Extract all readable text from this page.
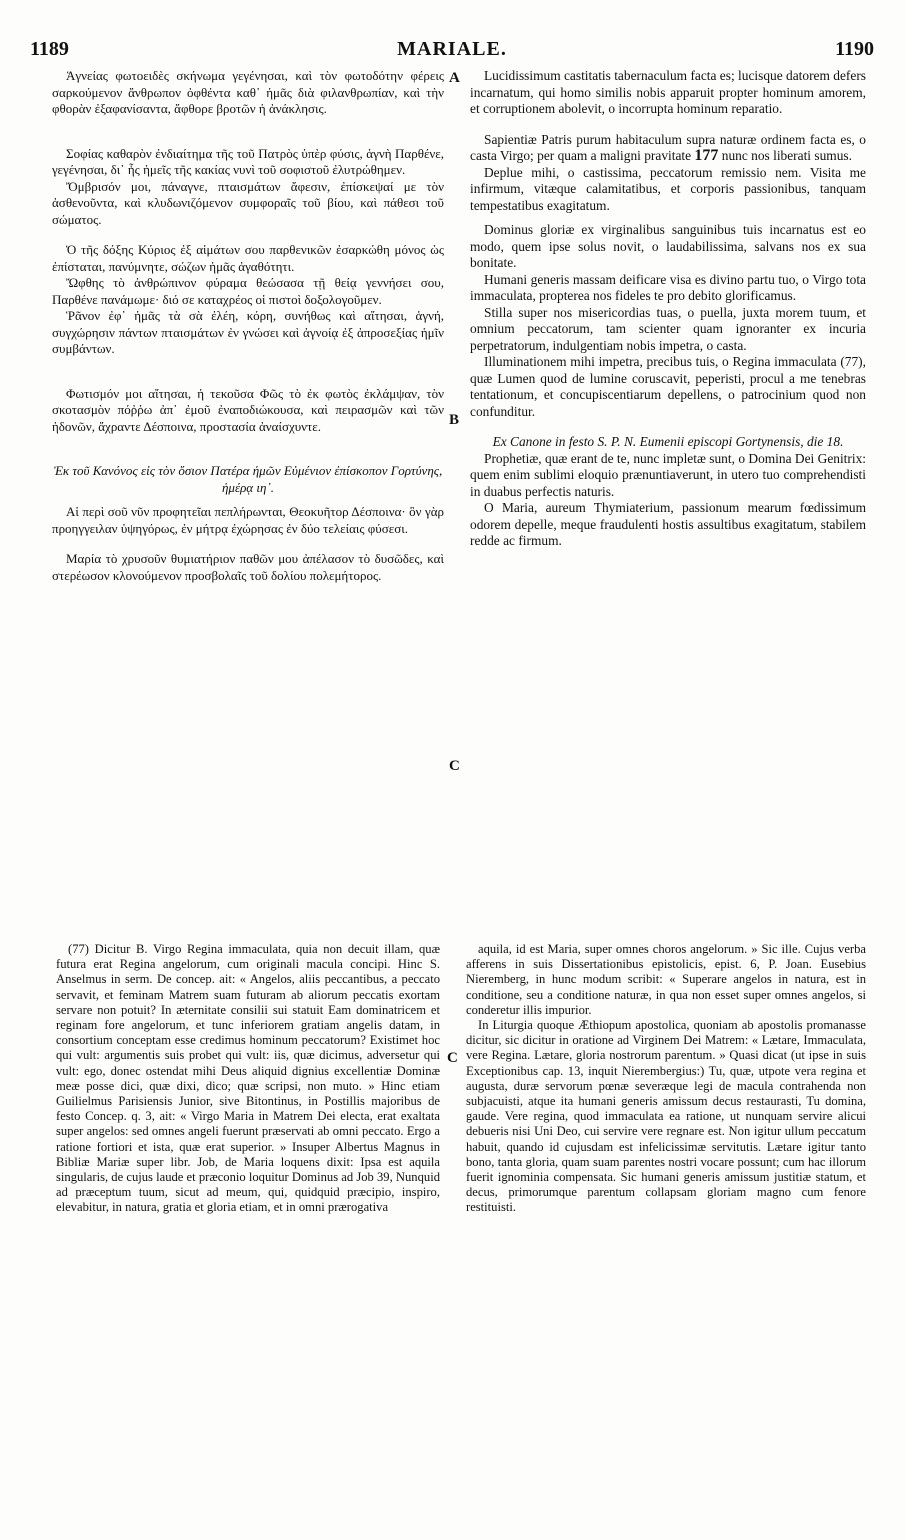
1189	MARIALE.	1190

Ἁγνείας φωτοειδὲς σκήνωμα γεγένησαι, καὶ τὸν φωτοδότην φέρεις σαρκούμενον ἄνθρωπον ὀφθέντα καθ᾽ ἡμᾶς διὰ φιλανθρωπίαν, καὶ τὴν φθορὰν ἐξαφανίσαντα, ἄφθορε βροτῶν ἡ ἀνάκλησις.

Σοφίας καθαρὸν ἐνδιαίτημα τῆς τοῦ Πατρὸς ὑπὲρ φύσις, ἁγνὴ Παρθένε, γεγένησαι, δι᾽ ἧς ἡμεῖς τῆς κακίας νυνὶ τοῦ σοφιστοῦ ἐλυτρώθημεν.

Ὄμβρισόν μοι, πάναγνε, πταισμάτων ἄφεσιν, ἐπίσκεψαί με τὸν ἀσθενοῦντα, καὶ κλυδωνιζόμενον συμφοραῖς τοῦ βίου, καὶ πάθεσι τοῦ σώματος.

Ὁ τῆς δόξης Κύριος ἐξ αἱμάτων σου παρθενικῶν ἐσαρκώθη μόνος ὡς ἐπίσταται, πανύμνητε, σώζων ἡμᾶς ἀγαθότητι.

Ὤφθης τὸ ἀνθρώπινον φύραμα θεώσασα τῇ θείᾳ γεννήσει σου, Παρθένε πανάμωμε· διό σε καταχρέος οἱ πιστοὶ δοξολογοῦμεν.

Ῥᾶνον ἐφ᾽ ἡμᾶς τὰ σὰ ἐλέη, κόρη, συνήθως καὶ αἴτησαι, ἁγνή, συγχώρησιν πάντων πταισμάτων ἐν γνώσει καὶ ἀγνοίᾳ ἐξ ἀπροσεξίας ἡμῖν συμβάντων.

Φωτισμόν μοι αἴτησαι, ἡ τεκοῦσα Φῶς τὸ ἐκ φωτὸς ἐκλάμψαν, τὸν σκοτασμὸν πόῤῥω ἀπ᾽ ἐμοῦ ἐναποδιώκουσα, καὶ πειρασμῶν καὶ τῶν ἡδονῶν, ἄχραντε Δέσποινα, προστασία ἀναίσχυντε.

Ἐκ τοῦ Κανόνος εἰς τὸν ὅσιον Πατέρα ἡμῶν Εὐμένιον ἐπίσκοπον Γορτύνης, ἡμέρᾳ ιη᾽.

Αἱ περὶ σοῦ νῦν προφητεῖαι πεπλήρωνται, Θεοκυῆτορ Δέσποινα· ὃν γὰρ προηγγειλαν ὑψηγόρως, ἐν μήτρᾳ ἐχώρησας ἐν δύο τελείαις φύσεσι.

Μαρία τὸ χρυσοῦν θυμιατήριον παθῶν μου ἀπέλασον τὸ δυσῶδες, καὶ στερέωσον κλονούμενον προσβολαῖς τοῦ δολίου πολεμήτορος.

A
B
C
C

Lucidissimum castitatis tabernaculum facta es; lucisque datorem defers incarnatum, qui homo similis nobis apparuit propter hominum amorem, et corruptionem abolevit, o incorrupta hominum reparatio.

Sapientiæ Patris purum habitaculum supra naturæ ordinem facta es, o casta Virgo; per quam a maligni pravitate 177 nunc nos liberati sumus.

Deplue mihi, o castissima, peccatorum remissio nem. Visita me infirmum, vitæque calamitatibus, et corporis passionibus, tanquam tempestatibus exagitatum.

Dominus gloriæ ex virginalibus sanguinibus tuis incarnatus est eo modo, quem ipse solus novit, o laudabilissima, salvans nos ex sua bonitate.

Humani generis massam deificare visa es divino partu tuo, o Virgo tota immaculata, propterea nos fideles te pro debito glorificamus.

Stilla super nos misericordias tuas, o puella, juxta morem tuum, et omnium peccatorum, tam scienter quam ignoranter ex incuria perpetratorum, indulgentiam nobis impetra, o casta.

Illuminationem mihi impetra, precibus tuis, o Regina immaculata (77), quæ Lumen quod de lumine coruscavit, peperisti, procul a me tenebras tentationum, et concupiscentiarum depellens, o patrocinium quod non confunditur.

Ex Canone in festo S. P. N. Eumenii episcopi Gortynensis, die 18.

Prophetiæ, quæ erant de te, nunc impletæ sunt, o Domina Dei Genitrix: quem enim sublimi eloquio prænuntiaverunt, in utero tuo comprehendisti in duabus perfectis naturis.

O Maria, aureum Thymiaterium, passionum mearum fœdissimum odorem depelle, meque fraudulenti hostis assultibus exagitatum, stabilem redde ac firmum.

(77) Dicitur B. Virgo Regina immaculata, quia non decuit illam, quæ futura erat Regina angelorum, cum originali macula concipi. Hinc S. Anselmus in serm. De concep. ait: « Angelos, aliis peccantibus, a peccato servavit, et feminam Matrem suam futuram ab aliorum peccatis exortam servare non potuit? In æternitate consilii sui statuit Eam dominatricem et reginam fore angelorum, et tunc inferiorem gratiam angelis datam, in consortium conceptam esse credimus hominum peccatorum? Existimet hoc qui vult: argumentis suis probet qui vult: iis, quæ dicimus, adversetur qui vult: ego, donec ostendat mihi Deus aliquid dignius excellentiæ Dominæ meæ posse dici, quæ dixi, dico; quæ scripsi, non muto. » Hinc etiam Guilielmus Parisiensis Junior, sive Bitontinus, in Postillis majoribus de festo Concep. q. 3, ait: « Virgo Maria in Matrem Dei electa, erat exaltata super angelos: sed omnes angeli fuerunt præservati ab omni peccato. Ergo a ratione fortiori et ista, quæ erat superior. » Insuper Albertus Magnus in Bibliæ Mariæ super libr. Job, de Maria loquens dixit: Ipsa est aquila singularis, de cujus laude et præconio loquitur Dominus ad Job 39, Nunquid ad præceptum tuum, sicut ad meum, qui, quidquid præcipio, inspiro, elevabitur, in natura, gratia et gloria etiam, et in omni prærogativa

aquila, id est Maria, super omnes choros angelorum. » Sic ille. Cujus verba afferens in suis Dissertationibus epistolicis, epist. 6, P. Joan. Eusebius Nieremberg, in hunc modum scribit: « Superare angelos in natura, est in conditione, seu a conditione naturæ, in qua non esset super omnes angelos, si conderetur illis impurior.

In Liturgia quoque Æthiopum apostolica, quoniam ab apostolis promanasse dicitur, sic dicitur in oratione ad Virginem Dei Matrem: « Lætare, Immaculata, vere Regina. Lætare, gloria nostrorum parentum. » Quasi dicat (ut ipse in suis Exceptionibus cap. 13, inquit Nierembergius:) Tu, quæ, utpote vera regina et augusta, duræ servorum pœnæ severæque legi de macula contrahenda non subjacuisti, atque ita humani generis amissum decus restaurasti, Tu domina, gaude. Vere regina, quod immaculata ea ratione, ut nunquam servire alicui debueris nisi Uni Deo, cui servire vere regnare est. Non igitur ullum peccatum habuit, quando id cujusdam est infelicissimæ servitutis. Lætare igitur tanto bono, tanta gloria, quam suam parentes nostri vocare possunt; cum hac illorum fuerit ignominia compensata. Sic humani generis amissum justitiæ statum, et decus, primorumque parentum collapsam gloriam magno cum fenore restituisti.
